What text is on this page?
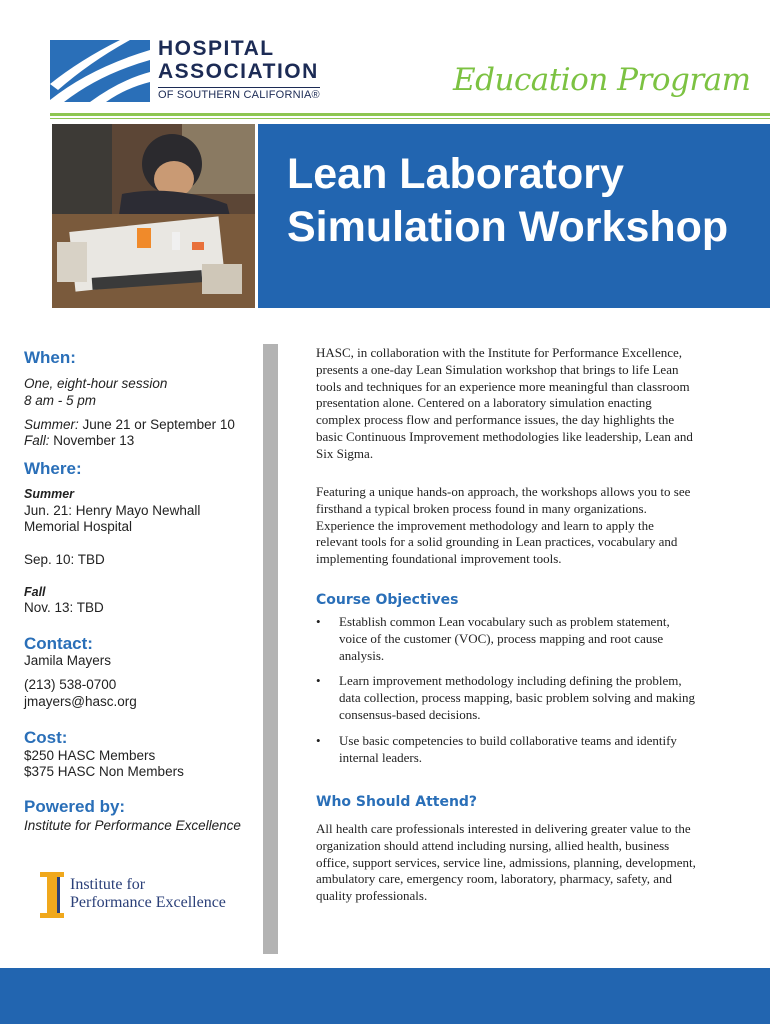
HOSPITAL
ASSOCIATION
OF SOUTHERN CALIFORNIA®	Education Program
Lean Laboratory
Simulation Workshop
When:
One, eight-hour session
8 am - 5 pm
Summer: June 21 or September 10
Fall: November 13
Where:
Summer
Jun. 21: Henry Mayo Newhall
Memorial Hospital
Sep. 10: TBD
Fall
Nov. 13: TBD
Contact:
Jamila Mayers
(213) 538-0700
jmayers@hasc.org
Cost:
$250 HASC Members
$375 HASC Non Members
Powered by:
Institute for Performance Excellence
Institute for
Performance Excellence
HASC, in collaboration with the Institute for Performance Excellence,
presents a one-day Lean Simulation workshop that brings to life Lean
tools and techniques for an experience more meaningful than classroom
presentation alone. Centered on a laboratory simulation enacting
complex process flow and performance issues, the day highlights the
basic Continuous Improvement methodologies like leadership, Lean and
Six Sigma.
Featuring a unique hands-on approach, the workshops allows you to see
firsthand a typical broken process found in many organizations.
Experience the improvement methodology and learn to apply the
relevant tools for a solid grounding in Lean practices, vocabulary and
implementing foundational improvement tools.
Course Objectives
• Establish common Lean vocabulary such as problem statement,
voice of the customer (VOC), process mapping and root cause
analysis.
• Learn improvement methodology including defining the problem,
data collection, process mapping, basic problem solving and making
consensus-based decisions.
• Use basic competencies to build collaborative teams and identify
internal leaders.
Who Should Attend?
All health care professionals interested in delivering greater value to the
organization should attend including nursing, allied health, business
office, support services, service line, admissions, planning, development,
ambulatory care, emergency room, laboratory, pharmacy, safety, and
quality professionals.
